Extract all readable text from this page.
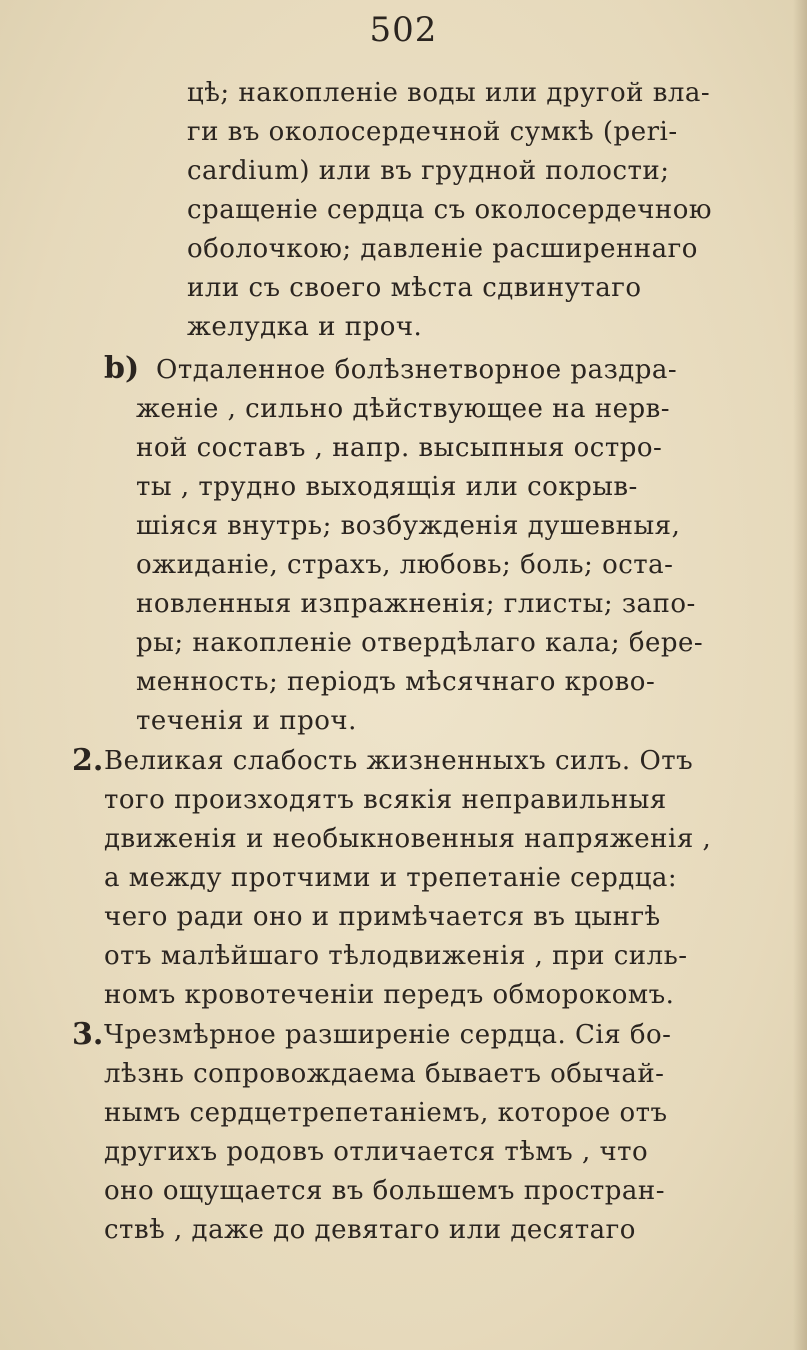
502
цѣ; накопленіе воды или другой вла-
ги въ околосердечной сумкѣ (peri-
cardium) или въ грудной полости;
сращеніе сердца съ околосердечною
оболочкою; давленіе расширеннаго
или съ своего мѣста сдвинутаго
желудка и проч.
b) Отдаленное болѣзнетворное раздра-
женіе , сильно дѣйствующее на нерв-
ной составъ , напр. высыпныя остро-
ты , трудно выходящія или сокрыв-
шіяся внутрь; возбужденія душевныя,
ожиданіе, страхъ, любовь; боль; оста-
новленныя изпражненія; глисты; запо-
ры; накопленіе отвердѣлаго кала; бере-
менность; періодъ мѣсячнаго крово-
теченія и проч.
2. Великая слабость жизненныхъ силъ. Отъ
того произходятъ всякія неправильныя
движенія и необыкновенныя напряженія ,
а между протчими и трепетаніе сердца:
чего ради оно и примѣчается въ цынгѣ
отъ малѣйшаго тѣлодвиженія , при силь-
номъ кровотеченіи передъ обморокомъ.
3. Чрезмѣрное разширеніе сердца. Сія бо-
лѣзнь сопровождаема бываетъ обычай-
нымъ сердцетрепетаніемъ, которое отъ
другихъ родовъ отличается тѣмъ , что
оно ощущается въ большемъ простран-
ствѣ , даже до девятаго или десятаго
